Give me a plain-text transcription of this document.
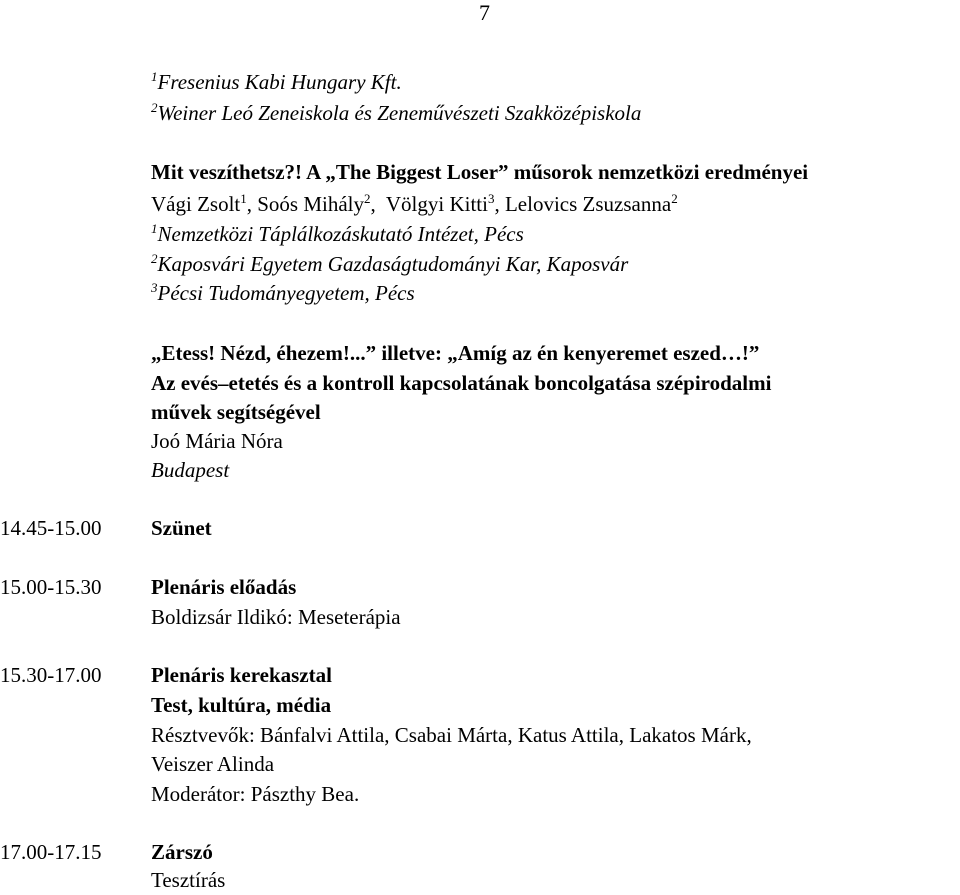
7
$^1$Fresenius Kabi Hungary Kft.
$^2$Weiner Leó Zeneiskola és Zeneművészeti Szakközépiskola
Mit veszíthetsz?! A „The Biggest Loser” műsorok nemzetközi eredményei
Vági Zsolt$^1$, Soós Mihály$^2$,  Völgyi Kitti$^3$, Lelovics Zsuzsanna$^2$
$^1$Nemzetközi Táplálkozáskutató Intézet, Pécs
$^2$Kaposvári Egyetem Gazdaságtudományi Kar, Kaposvár
$^3$Pécsi Tudományegyetem, Pécs
„Etess! Nézd, éhezem!...” illetve: „Amíg az én kenyeremet eszed…!”
Az evés–etetés és a kontroll kapcsolatának boncolgatása szépirodalmi
művek segítségével
Joó Mária Nóra
Budapest
14.45-15.00 Szünet
15.00-15.30 Plenáris előadás
Boldizsár Ildikó: Meseterápia
15.30-17.00 Plenáris kerekasztal
Test, kultúra, média
Résztvevők: Bánfalvi Attila, Csabai Márta, Katus Attila, Lakatos Márk,
Veiszer Alinda
Moderátor: Pászthy Bea.
17.00-17.15 Zárszó
Tesztírás
